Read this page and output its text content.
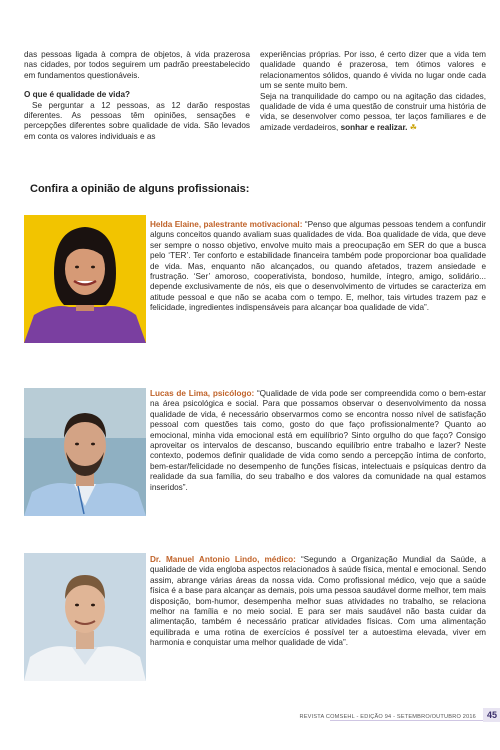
das pessoas ligada à compra de objetos, à vida prazerosa nas cidades, por todos seguirem um padrão preestabelecido em fundamentos questionáveis.

O que é qualidade de vida?

Se perguntar a 12 pessoas, as 12 darão respostas diferentes. As pessoas têm opiniões, sensações e percepções diferentes sobre qualidade de vida. São levados em conta os valores individuais e as

experiências próprias. Por isso, é certo dizer que a vida tem qualidade quando é prazerosa, tem ótimos valores e relacionamentos sólidos, quando é vivida no lugar onde cada um se sente muito bem.

Seja na tranquilidade do campo ou na agitação das cidades, qualidade de vida é uma questão de construir uma história de vida, se desenvolver como pessoa, ter laços familiares e de amizade verdadeiros, sonhar e realizar. ☘

Confira a opinião de alguns profissionais:
Helda Elaine, palestrante motivacional: “Penso que algumas pessoas tendem a confundir alguns conceitos quando avaliam suas qualidades de vida. Boa qualidade de vida, que deve ser sempre o nosso objetivo, envolve muito mais a preocupação em SER do que a busca pelo ‘TER’. Ter conforto e estabilidade financeira também pode proporcionar boa qualidade de vida. Mas, enquanto não alcançados, ou quando afetados, trazem ansiedade e frustração. ‘Ser’ amoroso, cooperativista, bondoso, humilde, íntegro, amigo, solidário... depende exclusivamente de nós, eis que o desenvolvimento de virtudes se caracteriza em atitude pessoal e que não se acaba com o tempo. E, melhor, tais virtudes trazem paz e felicidade, ingredientes indispensáveis para alcançar boa qualidade de vida”.
Lucas de Lima, psicólogo: “Qualidade de vida pode ser compreendida como o bem-estar na área psicológica e social. Para que possamos observar o desenvolvimento da nossa qualidade de vida, é necessário observarmos como se encontra nosso nível de satisfação pessoal com questões tais como, gosto do que faço profissionalmente? Quanto ao emocional, minha vida emocional está em equilíbrio? Sinto orgulho do que faço? Consigo aproveitar os intervalos de descanso, buscando equilíbrio entre trabalho e lazer? Neste contexto, podemos definir qualidade de vida como sendo a percepção íntima de conforto, bem-estar/felicidade no desempenho de funções físicas, intelectuais e psíquicas dentro da realidade da sua família, do seu trabalho e dos valores da comunidade na qual estamos inseridos”.
Dr. Manuel Antonio Lindo, médico: “Segundo a Organização Mundial da Saúde, a qualidade de vida engloba aspectos relacionados à saúde física, mental e emocional. Sendo assim, abrange várias áreas da nossa vida. Como profissional médico, vejo que a saúde física é a base para alcançar as demais, pois uma pessoa saudável dorme melhor, tem mais disposição, bom-humor, desempenha melhor suas atividades no trabalho, se relaciona melhor na família e no meio social. E para ser mais saudável não basta cuidar da alimentação, também é necessário praticar atividades físicas. Com uma alimentação equilibrada e uma rotina de exercícios é possível ter a autoestima elevada, viver em harmonia e conquistar uma melhor qualidade de vida”.
REVISTA COMSEHL - EDIÇÃO 94 - SETEMBRO/OUTUBRO 2016	45
